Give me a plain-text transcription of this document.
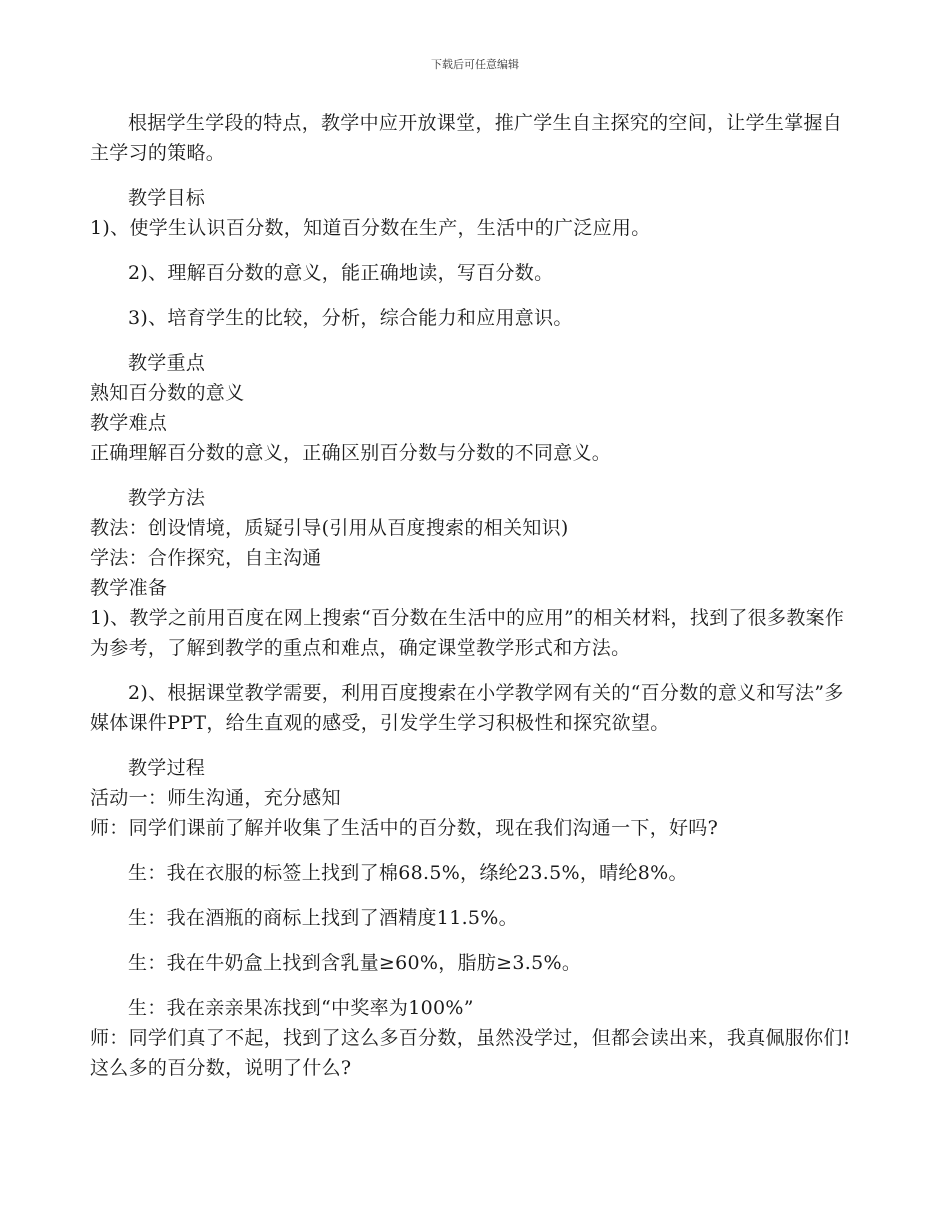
下载后可任意编辑

根据学生学段的特点，教学中应开放课堂，推广学生自主探究的空间，让学生掌握自主学习的策略。

教学目标

1)、使学生认识百分数，知道百分数在生产，生活中的广泛应用。

2)、理解百分数的意义，能正确地读，写百分数。

3)、培育学生的比较，分析，综合能力和应用意识。

教学重点

熟知百分数的意义

教学难点

正确理解百分数的意义，正确区别百分数与分数的不同意义。

教学方法

教法：创设情境，质疑引导(引用从百度搜索的相关知识)

学法：合作探究，自主沟通

教学准备

1)、教学之前用百度在网上搜索“百分数在生活中的应用”的相关材料，找到了很多教案作为参考，了解到教学的重点和难点，确定课堂教学形式和方法。

2)、根据课堂教学需要，利用百度搜索在小学教学网有关的“百分数的意义和写法”多媒体课件PPT，给生直观的感受，引发学生学习积极性和探究欲望。

教学过程

活动一：师生沟通，充分感知

师：同学们课前了解并收集了生活中的百分数，现在我们沟通一下，好吗?

生：我在衣服的标签上找到了棉68.5%，绦纶23.5%，晴纶8%。

生：我在酒瓶的商标上找到了酒精度11.5%。

生：我在牛奶盒上找到含乳量≥60%，脂肪≥3.5%。

生：我在亲亲果冻找到“中奖率为100%”

师：同学们真了不起，找到了这么多百分数，虽然没学过，但都会读出来，我真佩服你们!这么多的百分数，说明了什么?
